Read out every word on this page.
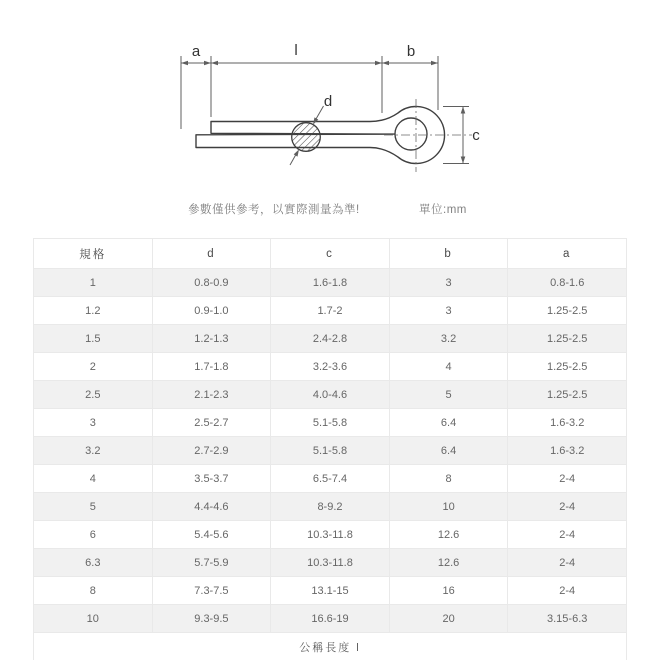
a	l	b
d
c
參數僅供參考，以實際測量為準!	單位:mm
規格	d	c	b	a
1	0.8-0.9	1.6-1.8	3	0.8-1.6
1.2	0.9-1.0	1.7-2	3	1.25-2.5
1.5	1.2-1.3	2.4-2.8	3.2	1.25-2.5
2	1.7-1.8	3.2-3.6	4	1.25-2.5
2.5	2.1-2.3	4.0-4.6	5	1.25-2.5
3	2.5-2.7	5.1-5.8	6.4	1.6-3.2
3.2	2.7-2.9	5.1-5.8	6.4	1.6-3.2
4	3.5-3.7	6.5-7.4	8	2-4
5	4.4-4.6	8-9.2	10	2-4
6	5.4-5.6	10.3-11.8	12.6	2-4
6.3	5.7-5.9	10.3-11.8	12.6	2-4
8	7.3-7.5	13.1-15	16	2-4
10	9.3-9.5	16.6-19	20	3.15-6.3
公稱長度 l				
